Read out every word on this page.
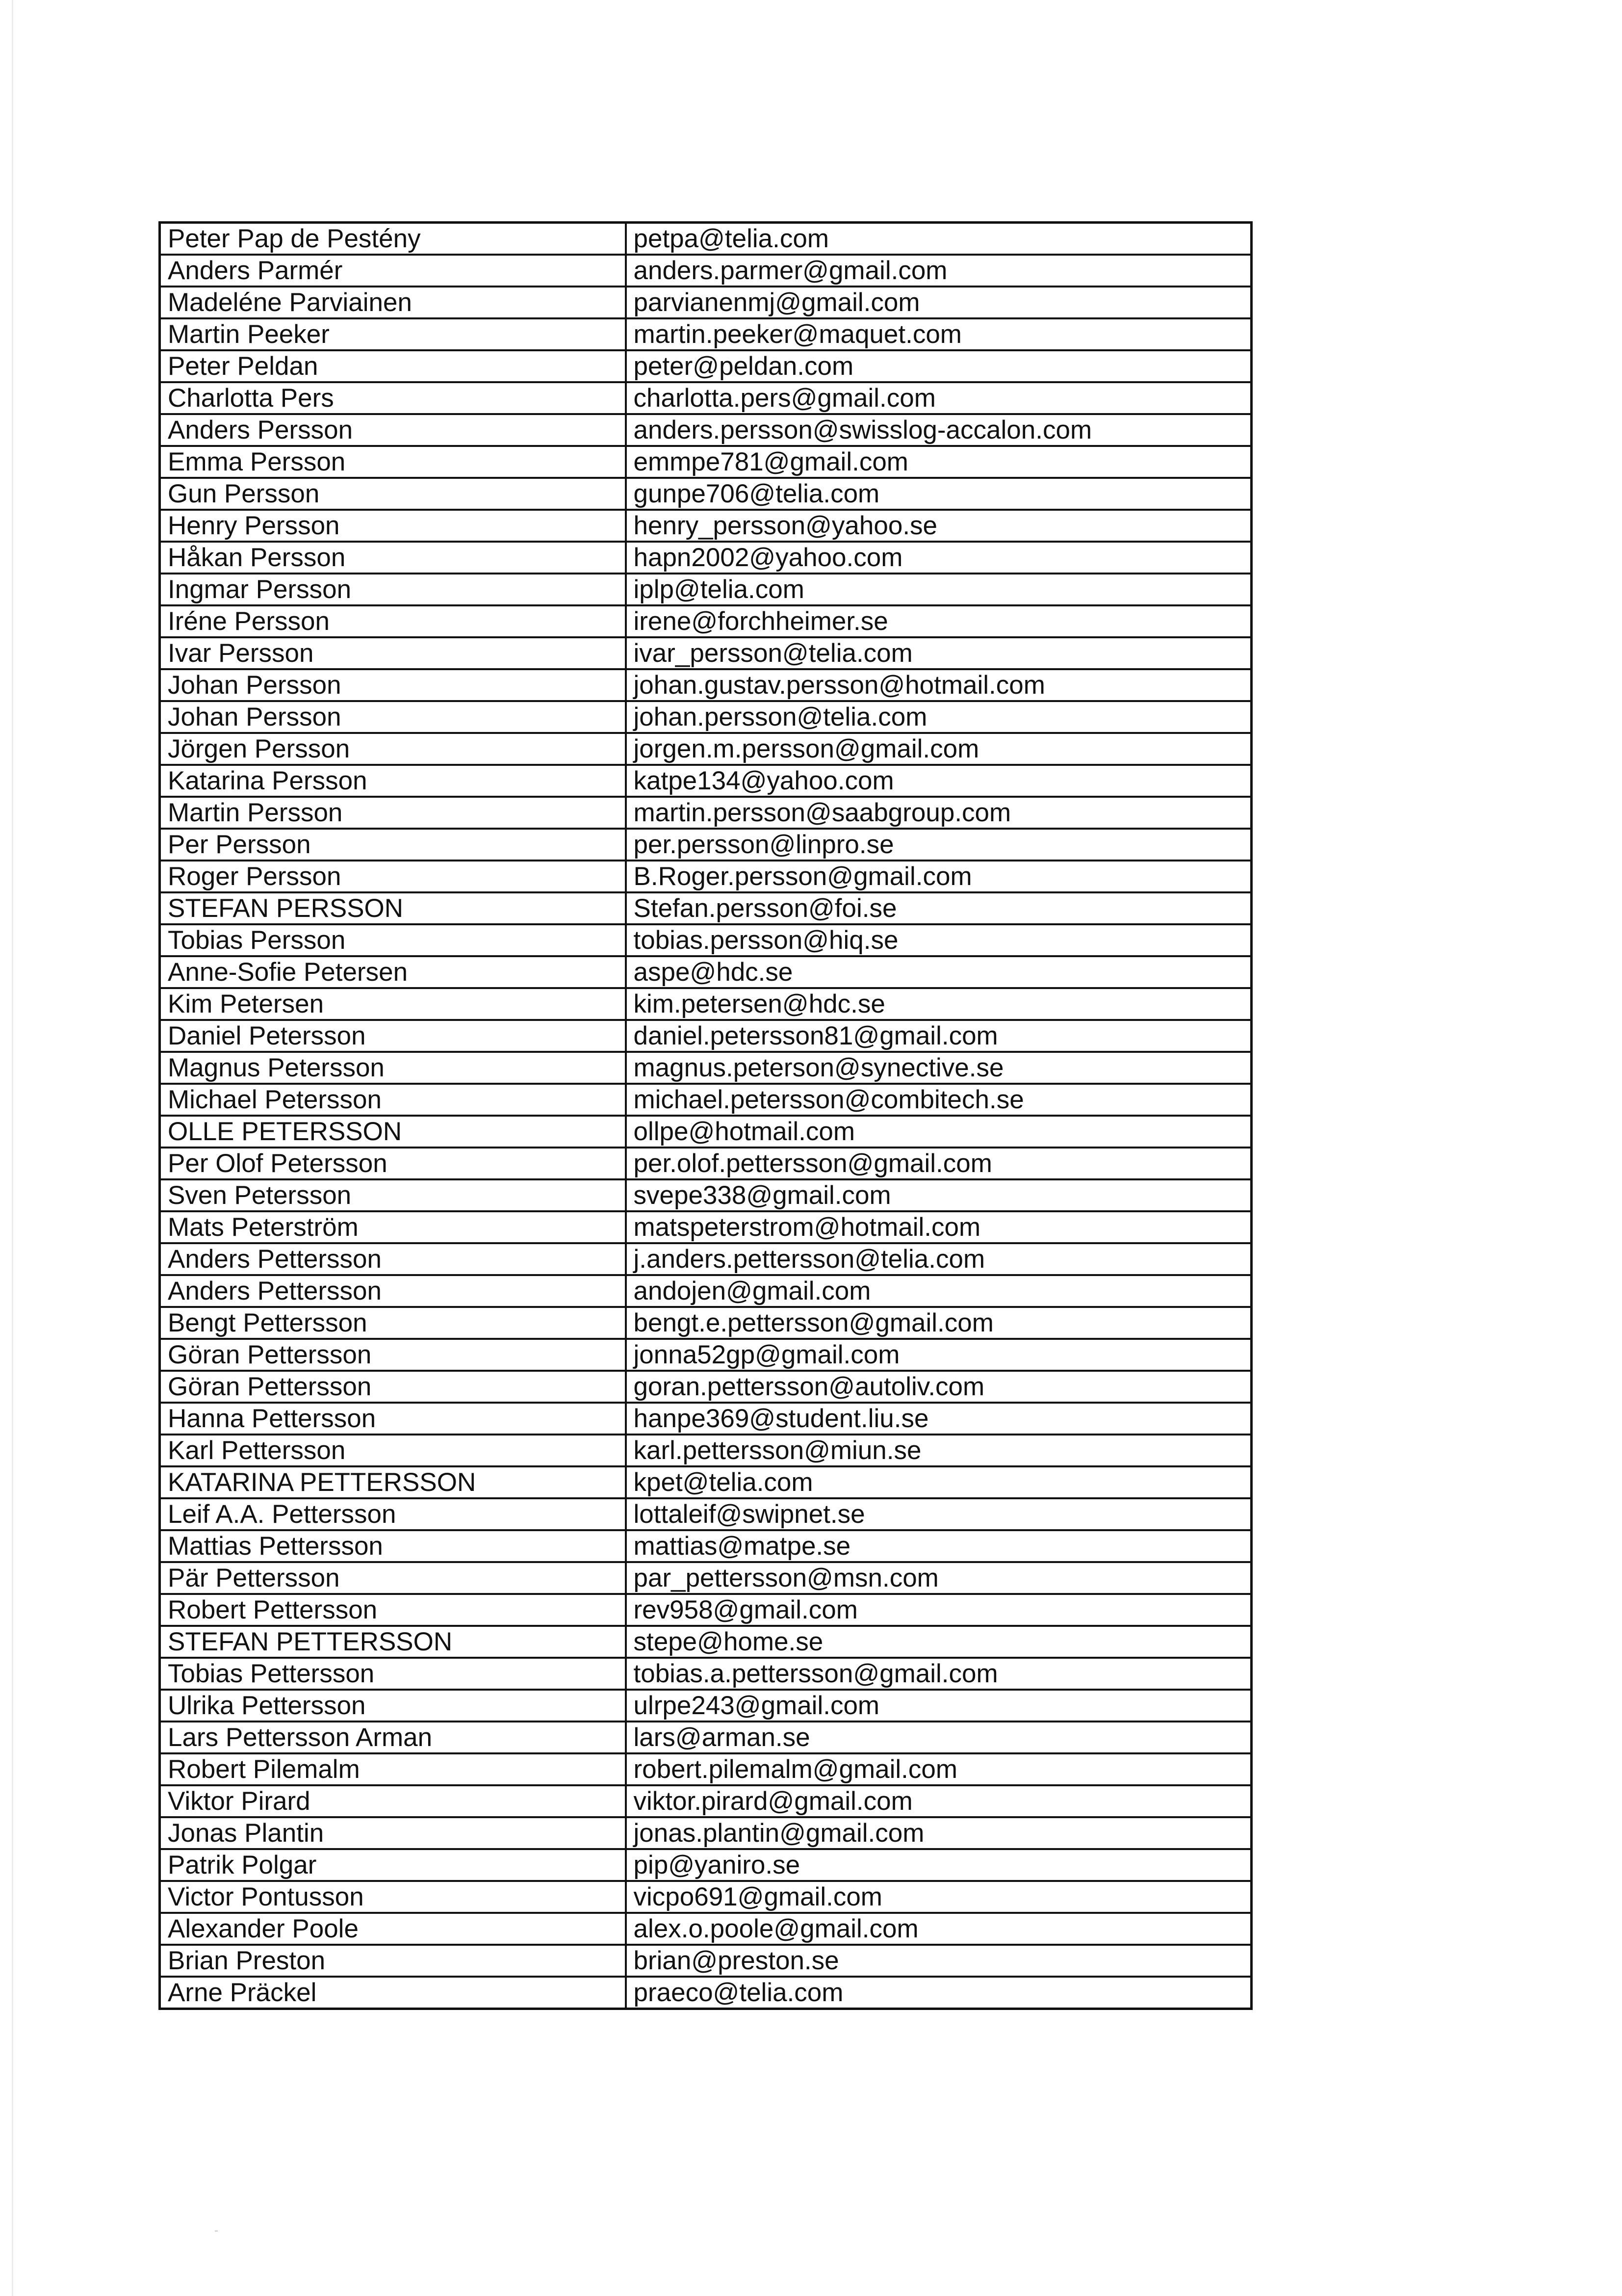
Peter Pap de Pestény	petpa@telia.com
Anders Parmér	anders.parmer@gmail.com
Madeléne Parviainen	parvianenmj@gmail.com
Martin Peeker	martin.peeker@maquet.com
Peter Peldan	peter@peldan.com
Charlotta Pers	charlotta.pers@gmail.com
Anders Persson	anders.persson@swisslog-accalon.com
Emma Persson	emmpe781@gmail.com
Gun Persson	gunpe706@telia.com
Henry Persson	henry_persson@yahoo.se
Håkan Persson	hapn2002@yahoo.com
Ingmar Persson	iplp@telia.com
Iréne Persson	irene@forchheimer.se
Ivar Persson	ivar_persson@telia.com
Johan Persson	johan.gustav.persson@hotmail.com
Johan Persson	johan.persson@telia.com
Jörgen Persson	jorgen.m.persson@gmail.com
Katarina Persson	katpe134@yahoo.com
Martin Persson	martin.persson@saabgroup.com
Per Persson	per.persson@linpro.se
Roger Persson	B.Roger.persson@gmail.com
STEFAN PERSSON	Stefan.persson@foi.se
Tobias Persson	tobias.persson@hiq.se
Anne-Sofie Petersen	aspe@hdc.se
Kim Petersen	kim.petersen@hdc.se
Daniel Petersson	daniel.petersson81@gmail.com
Magnus Petersson	magnus.peterson@synective.se
Michael Petersson	michael.petersson@combitech.se
OLLE PETERSSON	ollpe@hotmail.com
Per Olof Petersson	per.olof.pettersson@gmail.com
Sven Petersson	svepe338@gmail.com
Mats Peterström	matspeterstrom@hotmail.com
Anders Pettersson	j.anders.pettersson@telia.com
Anders Pettersson	andojen@gmail.com
Bengt Pettersson	bengt.e.pettersson@gmail.com
Göran Pettersson	jonna52gp@gmail.com
Göran Pettersson	goran.pettersson@autoliv.com
Hanna Pettersson	hanpe369@student.liu.se
Karl Pettersson	karl.pettersson@miun.se
KATARINA PETTERSSON	kpet@telia.com
Leif A.A. Pettersson	lottaleif@swipnet.se
Mattias Pettersson	mattias@matpe.se
Pär Pettersson	par_pettersson@msn.com
Robert Pettersson	rev958@gmail.com
STEFAN PETTERSSON	stepe@home.se
Tobias Pettersson	tobias.a.pettersson@gmail.com
Ulrika Pettersson	ulrpe243@gmail.com
Lars Pettersson Arman	lars@arman.se
Robert Pilemalm	robert.pilemalm@gmail.com
Viktor Pirard	viktor.pirard@gmail.com
Jonas Plantin	jonas.plantin@gmail.com
Patrik Polgar	pip@yaniro.se
Victor Pontusson	vicpo691@gmail.com
Alexander Poole	alex.o.poole@gmail.com
Brian Preston	brian@preston.se
Arne Präckel	praeco@telia.com
